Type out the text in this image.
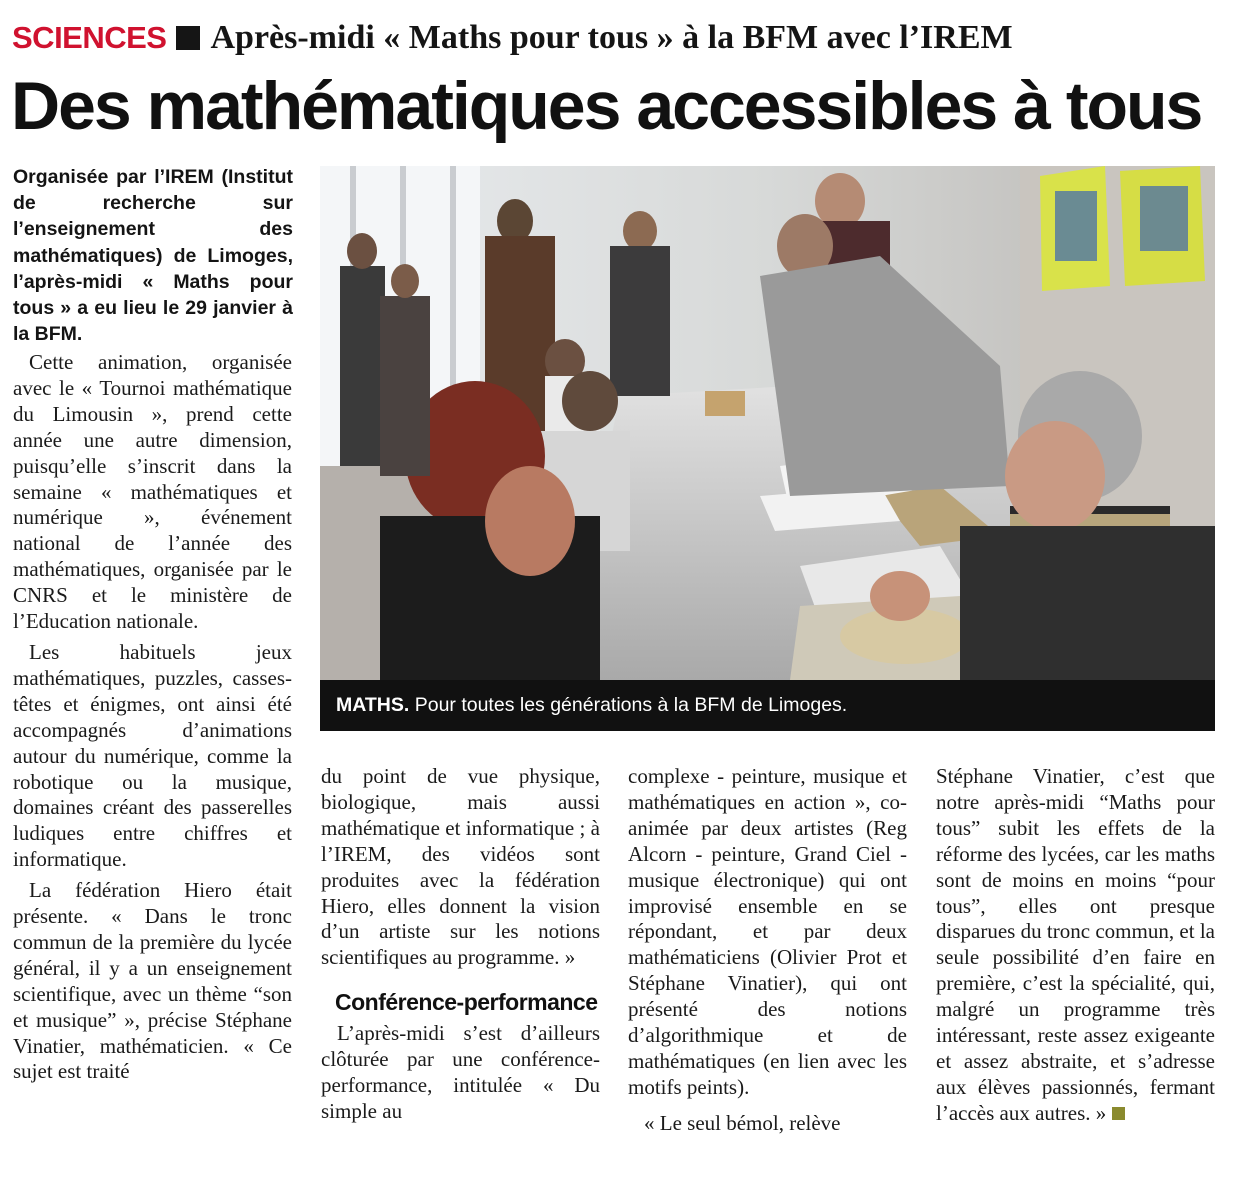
SCIENCES Après-midi « Maths pour tous » à la BFM avec l’IREM
Des mathématiques accessibles à tous
Organisée par l’IREM (Institut de recherche sur l’enseignement des mathématiques) de Limoges, l’après-midi « Maths pour tous » a eu lieu le 29 janvier à la BFM.

Cette animation, organisée avec le « Tournoi mathématique du Limousin », prend cette année une autre dimension, puisqu’elle s’inscrit dans la semaine « mathématiques et numérique », événement national de l’année des mathématiques, organisée par le CNRS et le ministère de l’Education nationale.

Les habituels jeux mathématiques, puzzles, casses-têtes et énigmes, ont ainsi été accompagnés d’animations autour du numérique, comme la robotique ou la musique, domaines créant des passerelles ludiques entre chiffres et informatique.

La fédération Hiero était présente. « Dans le tronc commun de la première du lycée général, il y a un enseignement scientifique, avec un thème “son et musique” », précise Stéphane Vinatier, mathématicien. « Ce sujet est traité

MATHS. Pour toutes les générations à la BFM de Limoges.

du point de vue physique, biologique, mais aussi mathématique et informatique ; à l’IREM, des vidéos sont produites avec la fédération Hiero, elles donnent la vision d’un artiste sur les notions scientifiques au programme. »

Conférence-performance

L’après-midi s’est d’ailleurs clôturée par une conférence-performance, intitulée « Du simple au

complexe - peinture, musique et mathématiques en action », co-animée par deux artistes (Reg Alcorn - peinture, Grand Ciel - musique électronique) qui ont improvisé ensemble en se répondant, et par deux mathématiciens (Olivier Prot et Stéphane Vinatier), qui ont présenté des notions d’algorithmique et de mathématiques (en lien avec les motifs peints).

« Le seul bémol, relève

Stéphane Vinatier, c’est que notre après-midi “Maths pour tous” subit les effets de la réforme des lycées, car les maths sont de moins en moins “pour tous”, elles ont presque disparues du tronc commun, et la seule possibilité d’en faire en première, c’est la spécialité, qui, malgré un programme très intéressant, reste assez exigeante et assez abstraite, et s’adresse aux élèves passionnés, fermant l’accès aux autres. »
